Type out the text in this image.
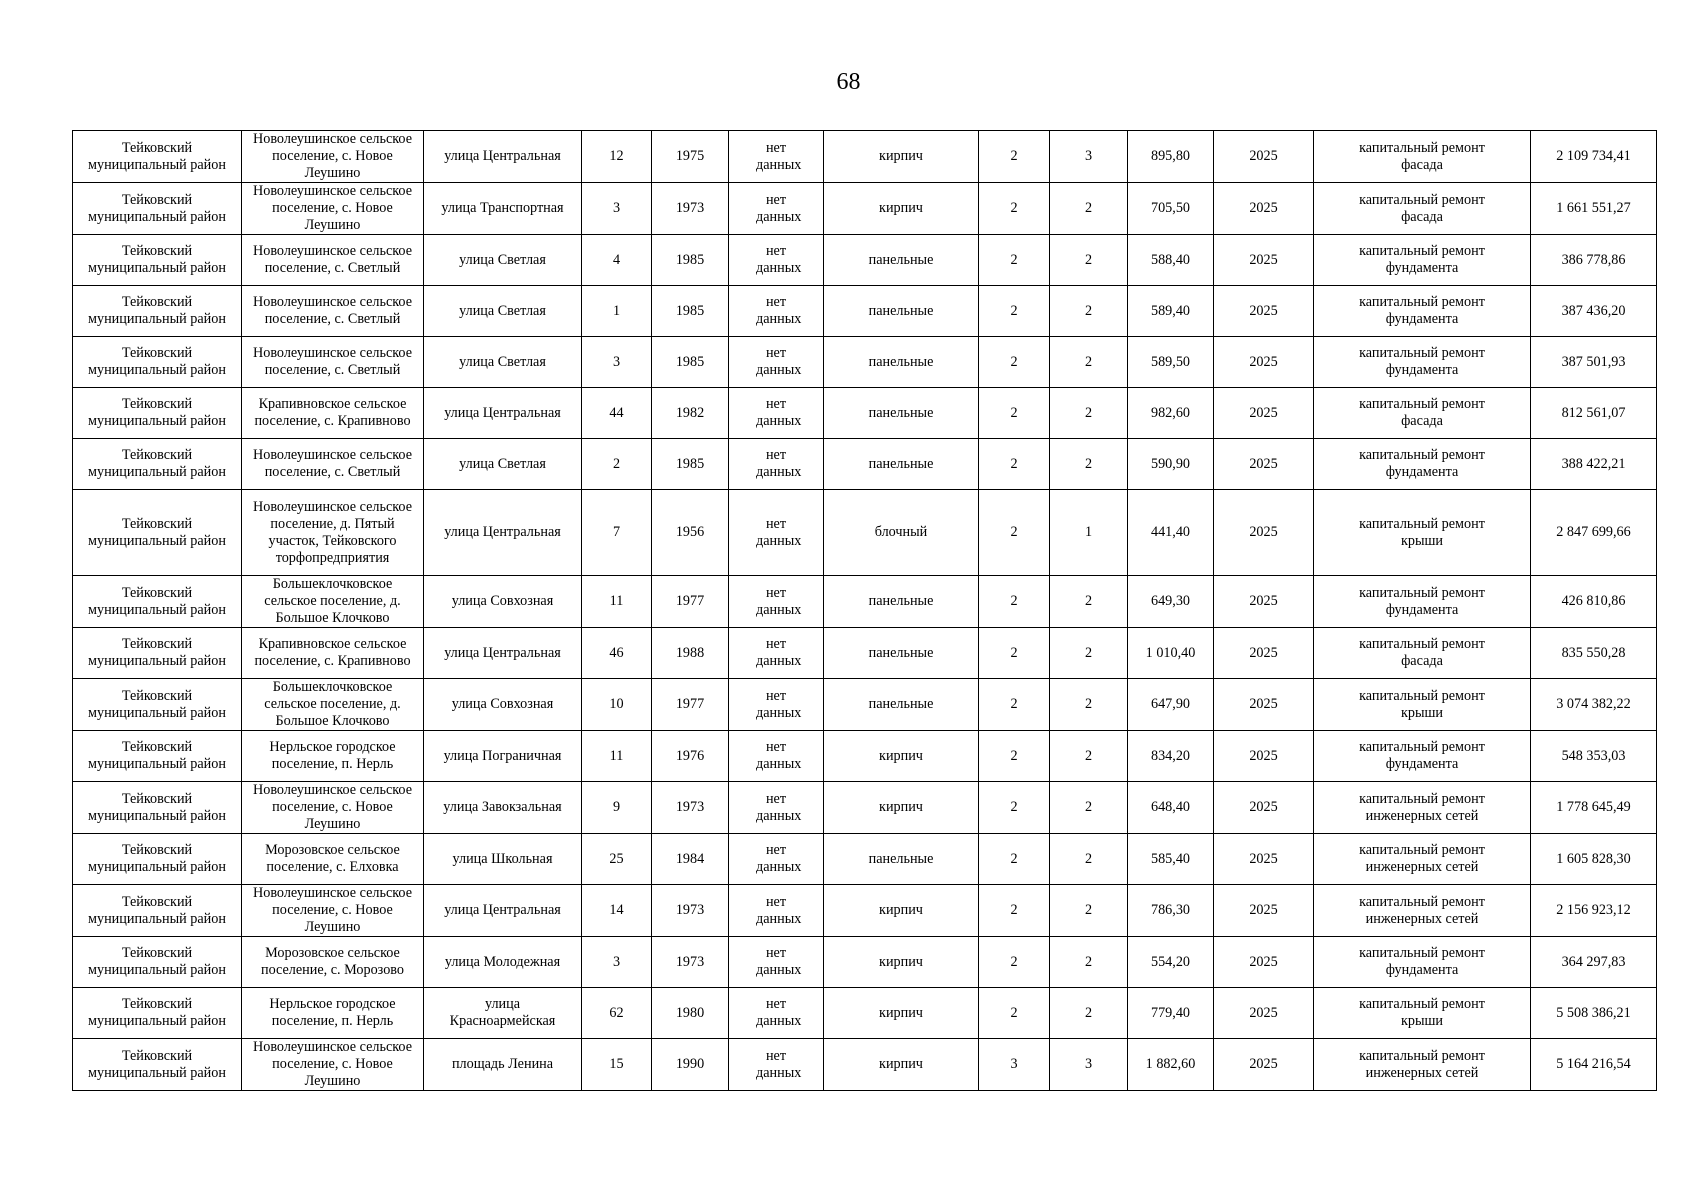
68
Тейковский муниципальный район	Новолеушинское сельское поселение, с. Новое Леушино	улица Центральная	12	1975	нет данных	кирпич	2	3	895,80	2025	капитальный ремонт фасада	2 109 734,41
Тейковский муниципальный район	Новолеушинское сельское поселение, с. Новое Леушино	улица Транспортная	3	1973	нет данных	кирпич	2	2	705,50	2025	капитальный ремонт фасада	1 661 551,27
Тейковский муниципальный район	Новолеушинское сельское поселение, с. Светлый	улица Светлая	4	1985	нет данных	панельные	2	2	588,40	2025	капитальный ремонт фундамента	386 778,86
Тейковский муниципальный район	Новолеушинское сельское поселение, с. Светлый	улица Светлая	1	1985	нет данных	панельные	2	2	589,40	2025	капитальный ремонт фундамента	387 436,20
Тейковский муниципальный район	Новолеушинское сельское поселение, с. Светлый	улица Светлая	3	1985	нет данных	панельные	2	2	589,50	2025	капитальный ремонт фундамента	387 501,93
Тейковский муниципальный район	Крапивновское сельское поселение, с. Крапивново	улица Центральная	44	1982	нет данных	панельные	2	2	982,60	2025	капитальный ремонт фасада	812 561,07
Тейковский муниципальный район	Новолеушинское сельское поселение, с. Светлый	улица Светлая	2	1985	нет данных	панельные	2	2	590,90	2025	капитальный ремонт фундамента	388 422,21
Тейковский муниципальный район	Новолеушинское сельское поселение, д. Пятый участок, Тейковского торфопредприятия	улица Центральная	7	1956	нет данных	блочный	2	1	441,40	2025	капитальный ремонт крыши	2 847 699,66
Тейковский муниципальный район	Большеклочковское сельское поселение, д. Большое Клочково	улица Совхозная	11	1977	нет данных	панельные	2	2	649,30	2025	капитальный ремонт фундамента	426 810,86
Тейковский муниципальный район	Крапивновское сельское поселение, с. Крапивново	улица Центральная	46	1988	нет данных	панельные	2	2	1 010,40	2025	капитальный ремонт фасада	835 550,28
Тейковский муниципальный район	Большеклочковское сельское поселение, д. Большое Клочково	улица Совхозная	10	1977	нет данных	панельные	2	2	647,90	2025	капитальный ремонт крыши	3 074 382,22
Тейковский муниципальный район	Нерльское городское поселение, п. Нерль	улица Пограничная	11	1976	нет данных	кирпич	2	2	834,20	2025	капитальный ремонт фундамента	548 353,03
Тейковский муниципальный район	Новолеушинское сельское поселение, с. Новое Леушино	улица Завокзальная	9	1973	нет данных	кирпич	2	2	648,40	2025	капитальный ремонт инженерных сетей	1 778 645,49
Тейковский муниципальный район	Морозовское сельское поселение, с. Елховка	улица Школьная	25	1984	нет данных	панельные	2	2	585,40	2025	капитальный ремонт инженерных сетей	1 605 828,30
Тейковский муниципальный район	Новолеушинское сельское поселение, с. Новое Леушино	улица Центральная	14	1973	нет данных	кирпич	2	2	786,30	2025	капитальный ремонт инженерных сетей	2 156 923,12
Тейковский муниципальный район	Морозовское сельское поселение, с. Морозово	улица Молодежная	3	1973	нет данных	кирпич	2	2	554,20	2025	капитальный ремонт фундамента	364 297,83
Тейковский муниципальный район	Нерльское городское поселение, п. Нерль	улица Красноармейская	62	1980	нет данных	кирпич	2	2	779,40	2025	капитальный ремонт крыши	5 508 386,21
Тейковский муниципальный район	Новолеушинское сельское поселение, с. Новое Леушино	площадь Ленина	15	1990	нет данных	кирпич	3	3	1 882,60	2025	капитальный ремонт инженерных сетей	5 164 216,54
